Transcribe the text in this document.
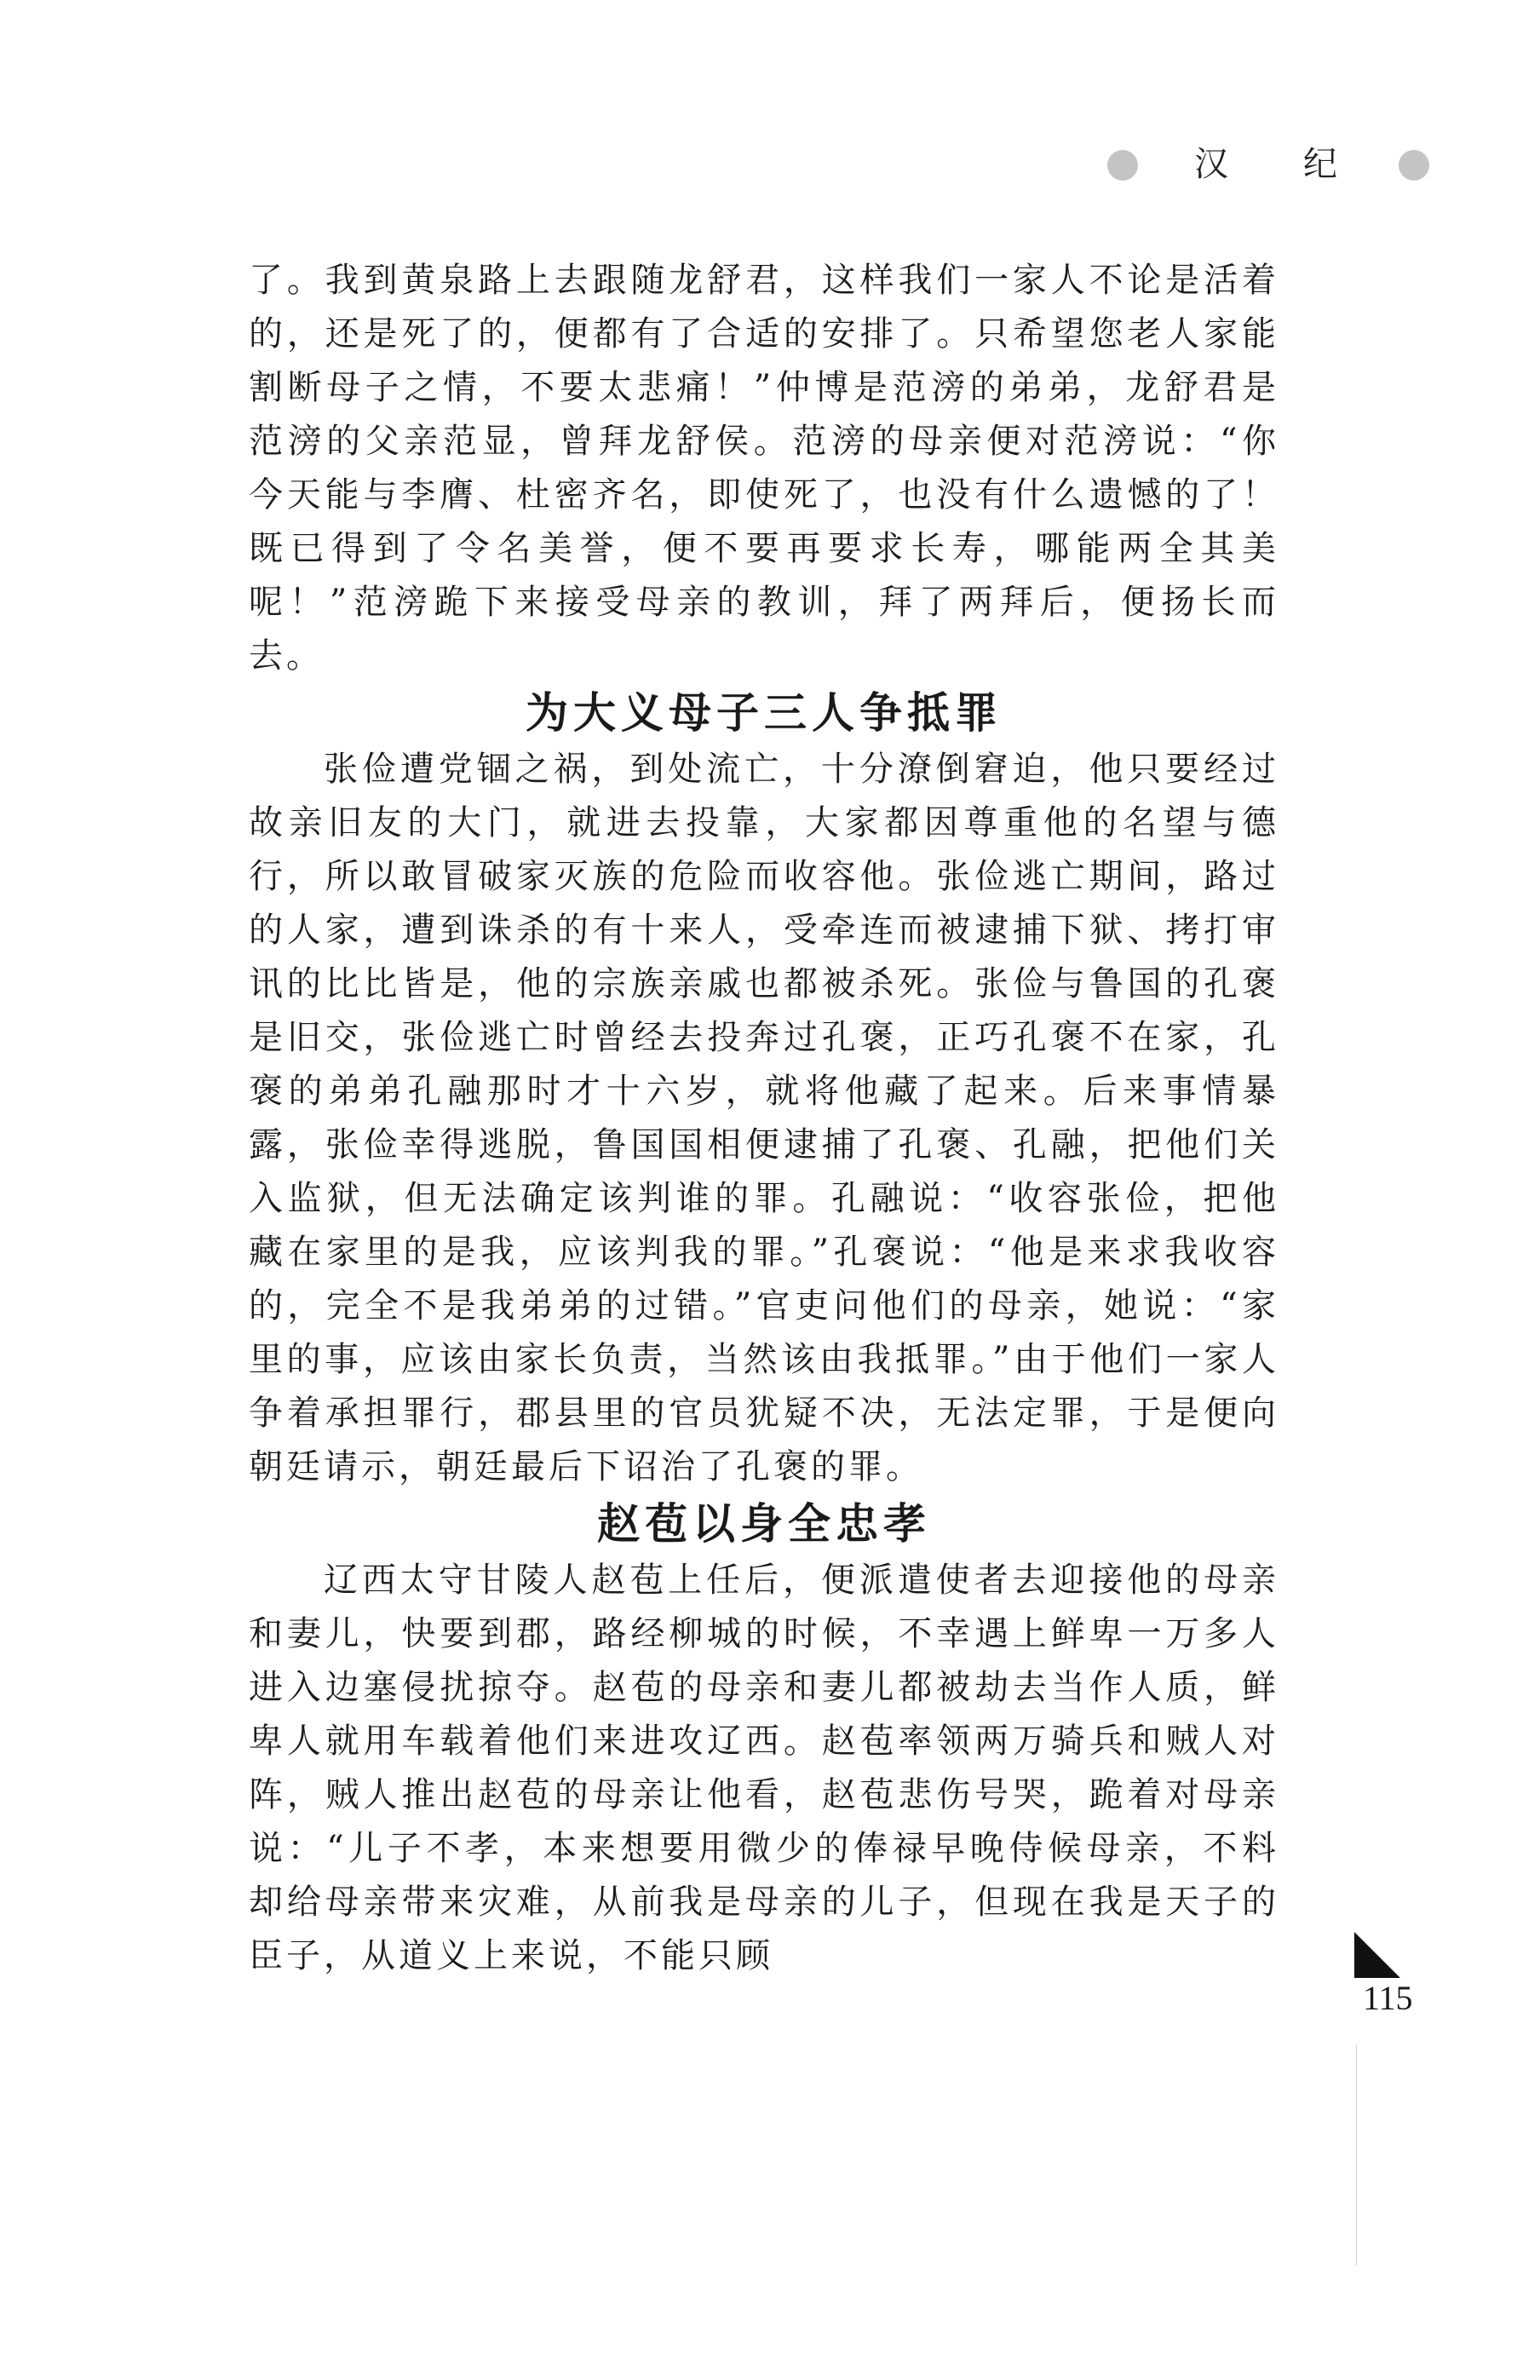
汉 纪

了。我到黄泉路上去跟随龙舒君，这样我们一家人不论是活着的，还是死了的，便都有了合适的安排了。只希望您老人家能割断母子之情，不要太悲痛！”仲博是范滂的弟弟，龙舒君是范滂的父亲范显，曾拜龙舒侯。范滂的母亲便对范滂说：“你今天能与李膺、杜密齐名，即使死了，也没有什么遗憾的了！既已得到了令名美誉，便不要再要求长寿，哪能两全其美呢！”范滂跪下来接受母亲的教训，拜了两拜后，便扬长而去。

为大义母子三人争抵罪

张俭遭党锢之祸，到处流亡，十分潦倒窘迫，他只要经过故亲旧友的大门，就进去投靠，大家都因尊重他的名望与德行，所以敢冒破家灭族的危险而收容他。张俭逃亡期间，路过的人家，遭到诛杀的有十来人，受牵连而被逮捕下狱、拷打审讯的比比皆是，他的宗族亲戚也都被杀死。张俭与鲁国的孔褒是旧交，张俭逃亡时曾经去投奔过孔褒，正巧孔褒不在家，孔褒的弟弟孔融那时才十六岁，就将他藏了起来。后来事情暴露，张俭幸得逃脱，鲁国国相便逮捕了孔褒、孔融，把他们关入监狱，但无法确定该判谁的罪。孔融说：“收容张俭，把他藏在家里的是我，应该判我的罪。”孔褒说：“他是来求我收容的，完全不是我弟弟的过错。”官吏问他们的母亲，她说：“家里的事，应该由家长负责，当然该由我抵罪。”由于他们一家人争着承担罪行，郡县里的官员犹疑不决，无法定罪，于是便向朝廷请示，朝廷最后下诏治了孔褒的罪。

赵苞以身全忠孝

辽西太守甘陵人赵苞上任后，便派遣使者去迎接他的母亲和妻儿，快要到郡，路经柳城的时候，不幸遇上鲜卑一万多人进入边塞侵扰掠夺。赵苞的母亲和妻儿都被劫去当作人质，鲜卑人就用车载着他们来进攻辽西。赵苞率领两万骑兵和贼人对阵，贼人推出赵苞的母亲让他看，赵苞悲伤号哭，跪着对母亲说：“儿子不孝，本来想要用微少的俸禄早晚侍候母亲，不料却给母亲带来灾难，从前我是母亲的儿子，但现在我是天子的臣子，从道义上来说，不能只顾

115
